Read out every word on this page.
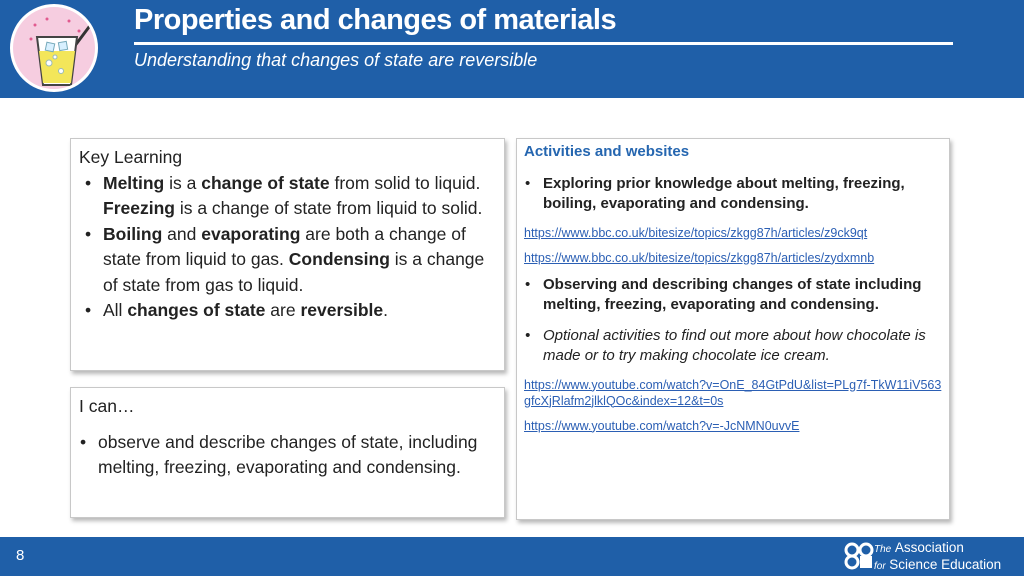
Properties and changes of materials
Understanding that changes of state are reversible
Key Learning
• Melting is a change of state from solid to liquid. Freezing is a change of state from liquid to solid.
• Boiling and evaporating are both a change of state from liquid to gas. Condensing is a change of state from gas to liquid.
• All changes of state are reversible.
I can…
• observe and describe changes of state, including melting, freezing, evaporating and condensing.
Activities and websites
• Exploring prior knowledge about melting, freezing, boiling, evaporating and condensing.
https://www.bbc.co.uk/bitesize/topics/zkgg87h/articles/z9ck9qt
https://www.bbc.co.uk/bitesize/topics/zkgg87h/articles/zydxmnb
• Observing and describing changes of state including melting, freezing, evaporating and condensing.
• Optional activities to find out more about how chocolate is made or to try making chocolate ice cream.
https://www.youtube.com/watch?v=OnE_84GtPdU&list=PLg7f-TkW11iV563gfcXjRlafm2jlklQOc&index=12&t=0s
https://www.youtube.com/watch?v=-JcNMN0uvvE
8	The Association
for Science Education
